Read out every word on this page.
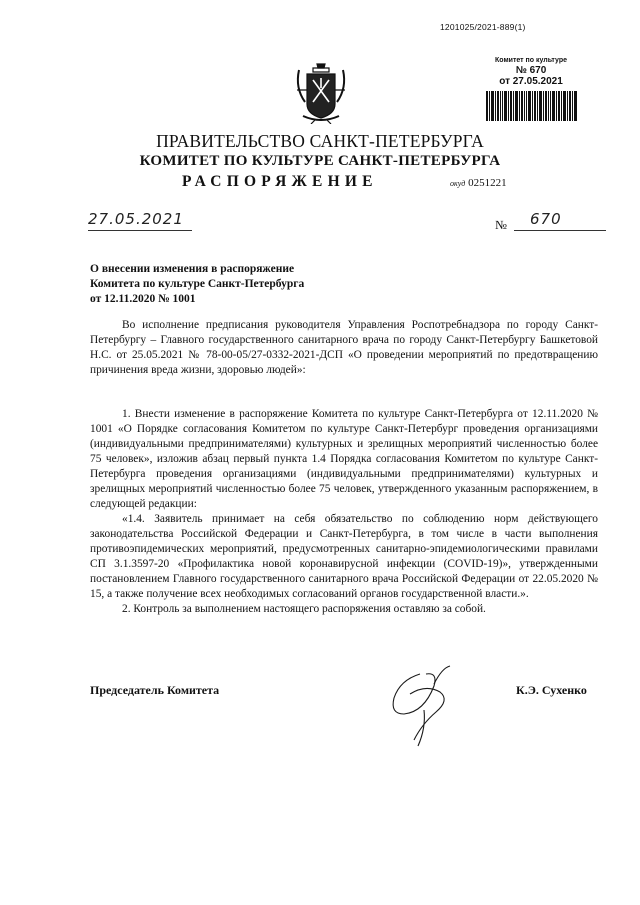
1201025/2021-889(1)
Комитет по культуре
№ 670
от 27.05.2021
ПРАВИТЕЛЬСТВО САНКТ-ПЕТЕРБУРГА
КОМИТЕТ ПО КУЛЬТУРЕ САНКТ-ПЕТЕРБУРГА
РАСПОРЯЖЕНИЕ	окуд 0251221
27.05.2021	№ 670
О внесении изменения в распоряжение
Комитета по культуре Санкт-Петербурга
от 12.11.2020 № 1001

Во исполнение предписания руководителя Управления Роспотребнадзора по городу Санкт-Петербургу – Главного государственного санитарного врача по городу Санкт-Петербургу Башкетовой Н.С. от 25.05.2021 № 78-00-05/27-0332-2021-ДСП «О проведении мероприятий по предотвращению причинения вреда жизни, здоровью людей»:

1. Внести изменение в распоряжение Комитета по культуре Санкт-Петербурга от 12.11.2020 № 1001 «О Порядке согласования Комитетом по культуре Санкт-Петербург проведения организациями (индивидуальными предпринимателями) культурных и зрелищных мероприятий численностью более 75 человек», изложив абзац первый пункта 1.4 Порядка согласования Комитетом по культуре Санкт-Петербурга проведения организациями (индивидуальными предпринимателями) культурных и зрелищных мероприятий численностью более 75 человек, утвержденного указанным распоряжением, в следующей редакции:

«1.4. Заявитель принимает на себя обязательство по соблюдению норм действующего законодательства Российской Федерации и Санкт-Петербурга, в том числе в части выполнения противоэпидемических мероприятий, предусмотренных санитарно-эпидемиологическими правилами СП 3.1.3597-20 «Профилактика новой коронавирусной инфекции (COVID-19)», утвержденными постановлением Главного государственного санитарного врача Российской Федерации от 22.05.2020 № 15, а также получение всех необходимых согласований органов государственной власти.».

2. Контроль за выполнением настоящего распоряжения оставляю за собой.

Председатель Комитета	К.Э. Сухенко
